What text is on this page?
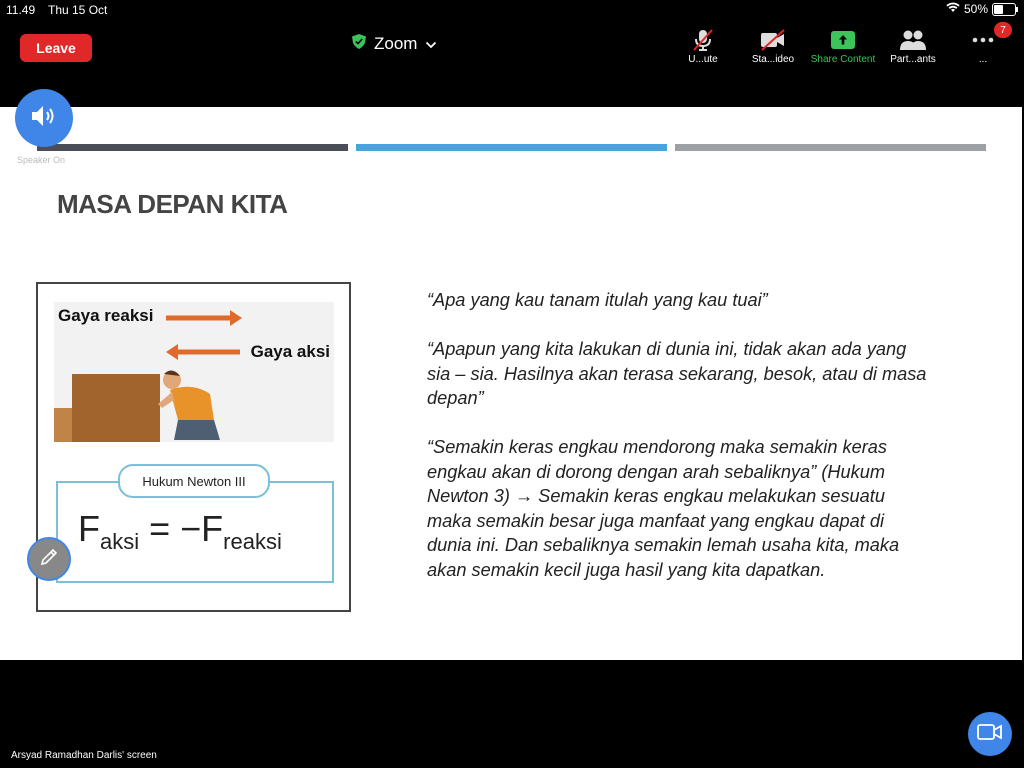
11.49 Thu 15 Oct	50%
Leave	Zoom
U...ute	Sta...ideo Share Content Part...ants	...
7
MASA DEPAN KITA
Gaya reaksi
Gaya aksi
Hukum Newton III
$F_{aksi} = -F_{reaksi}$
“Apa yang kau tanam itulah yang kau tuai”
“Apapun yang kita lakukan di dunia ini, tidak akan ada yang sia – sia. Hasilnya akan terasa sekarang, besok, atau di masa depan”
“Semakin keras engkau mendorong maka semakin keras engkau akan di dorong dengan arah sebaliknya” (Hukum Newton 3) → Semakin keras engkau melakukan sesuatu maka semakin besar juga manfaat yang engkau dapat di dunia ini. Dan sebaliknya semakin lemah usaha kita, maka akan semakin kecil juga hasil yang kita dapatkan.
Speaker On
Arsyad Ramadhan Darlis' screen
